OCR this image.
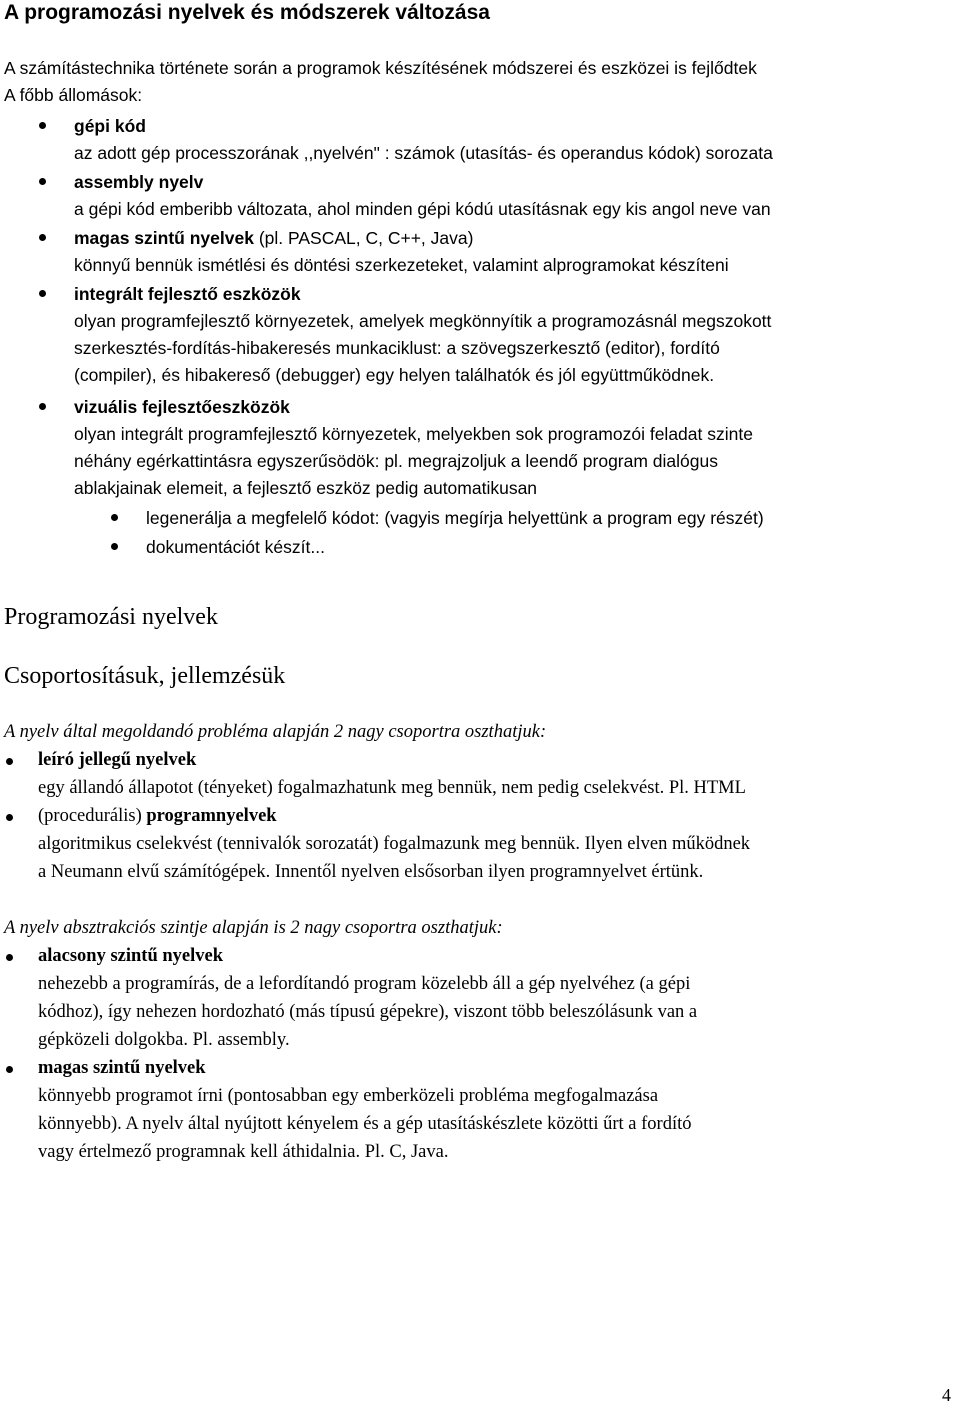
A programozási nyelvek és módszerek változása
A számítástechnika története során a programok készítésének módszerei és eszközei is fejlődtek
A főbb állomások:
gépi kód
az adott gép processzorának ,,nyelvén" : számok (utasítás- és operandus kódok) sorozata
assembly nyelv
a gépi kód emberibb változata, ahol minden gépi kódú utasításnak egy kis angol neve van
magas szintű nyelvek (pl. PASCAL, C, C++, Java)
könnyű bennük ismétlési és döntési szerkezeteket, valamint alprogramokat készíteni
integrált fejlesztő eszközök
olyan programfejlesztő környezetek, amelyek megkönnyítik a programozásnál megszokott
szerkesztés-fordítás-hibakeresés munkaciklust: a szövegszerkesztő (editor), fordító
(compiler), és hibakereső (debugger) egy helyen találhatók és jól együttműködnek.
vizuális fejlesztőeszközök
olyan integrált programfejlesztő környezetek, melyekben sok programozói feladat szinte
néhány egérkattintásra egyszerűsödök: pl. megrajzoljuk a leendő program dialógus
ablakjainak elemeit, a fejlesztő eszköz pedig automatikusan
legenerálja a megfelelő kódot: (vagyis megírja helyettünk a program egy részét)
dokumentációt készít...
Programozási nyelvek
Csoportosításuk, jellemzésük
A nyelv által megoldandó probléma alapján 2 nagy csoportra oszthatjuk:
leíró jellegű nyelvek
egy állandó állapotot (tényeket) fogalmazhatunk meg bennük, nem pedig cselekvést. Pl. HTML
(procedurális) programnyelvek
algoritmikus cselekvést (tennivalók sorozatát) fogalmazunk meg bennük. Ilyen elven működnek
a Neumann elvű számítógépek. Innentől nyelven elsősorban ilyen programnyelvet értünk.
A nyelv absztrakciós szintje alapján is 2 nagy csoportra oszthatjuk:
alacsony szintű nyelvek
nehezebb a programírás, de a lefordítandó program közelebb áll a gép nyelvéhez (a gépi
kódhoz), így nehezen hordozható (más típusú gépekre), viszont több beleszólásunk van a
gépközeli dolgokba. Pl. assembly.
magas szintű nyelvek
könnyebb programot írni (pontosabban egy emberközeli probléma megfogalmazása
könnyebb). A nyelv által nyújtott kényelem és a gép utasításkészlete közötti űrt a fordító
vagy értelmező programnak kell áthidalnia. Pl. C, Java.
4
